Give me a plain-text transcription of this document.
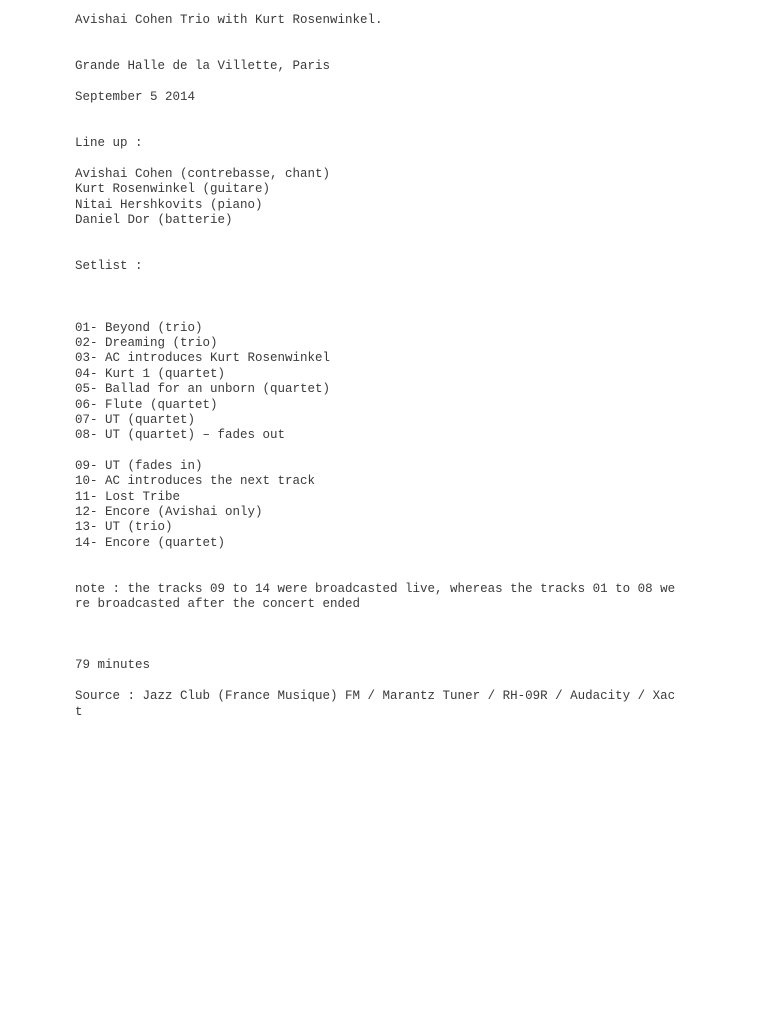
Avishai Cohen Trio with Kurt Rosenwinkel.

Grande Halle de la Villette, Paris

September 5 2014

Line up :

Avishai Cohen (contrebasse, chant)

Kurt Rosenwinkel (guitare)

Nitai Hershkovits (piano)

Daniel Dor (batterie)

Setlist :

01- Beyond (trio)

02- Dreaming (trio)

03- AC introduces Kurt Rosenwinkel

04- Kurt 1 (quartet)

05- Ballad for an unborn (quartet)

06- Flute (quartet)

07- UT (quartet)

08- UT (quartet) – fades out

09- UT (fades in)

10- AC introduces the next track

11- Lost Tribe

12- Encore (Avishai only)

13- UT (trio)

14- Encore (quartet)

note : the tracks 09 to 14 were broadcasted live, whereas the tracks 01 to 08 we

re broadcasted after the concert ended

79 minutes

Source : Jazz Club (France Musique) FM / Marantz Tuner / RH-09R / Audacity / Xac

t
